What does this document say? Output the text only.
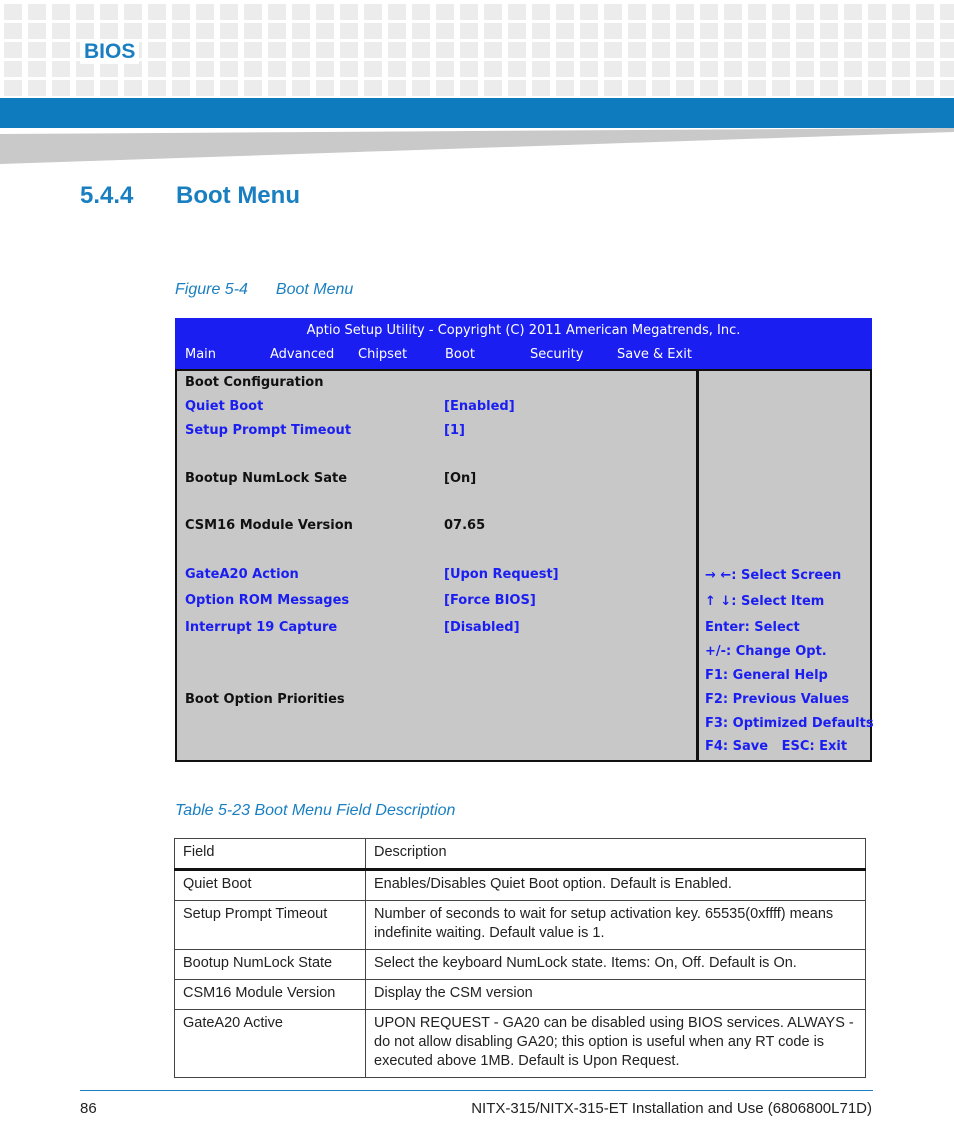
BIOS
5.4.4 Boot Menu
Figure 5-4 Boot Menu
Aptio Setup Utility - Copyright (C) 2011 American Megatrends, Inc.
Main	Advanced Chipset	Boot	Security	Save & Exit
Boot Configuration
Quiet Boot	[Enabled]
Setup Prompt Timeout	[1]
Bootup NumLock Sate	[On]
CSM16 Module Version	07.65
GateA20 Action	[Upon Request]
Option ROM Messages	[Force BIOS]
Interrupt 19 Capture	[Disabled]
Boot Option Priorities
→ ←: Select Screen
↑ ↓: Select Item
Enter: Select
+/-: Change Opt.
F1: General Help
F2: Previous Values
F3: Optimized Defaults
F4: Save   ESC: Exit
Table 5-23 Boot Menu Field Description
Field	Description
Quiet Boot	Enables/Disables Quiet Boot option. Default is Enabled.
Setup Prompt Timeout	Number of seconds to wait for setup activation key. 65535(0xffff) means indefinite waiting. Default value is 1.
Bootup NumLock State	Select the keyboard NumLock state. Items: On, Off. Default is On.
CSM16 Module Version	Display the CSM version
GateA20 Active	UPON REQUEST - GA20 can be disabled using BIOS services. ALWAYS - do not allow disabling GA20; this option is useful when any RT code is executed above 1MB. Default is Upon Request.
86	NITX-315/NITX-315-ET Installation and Use (6806800L71D)
